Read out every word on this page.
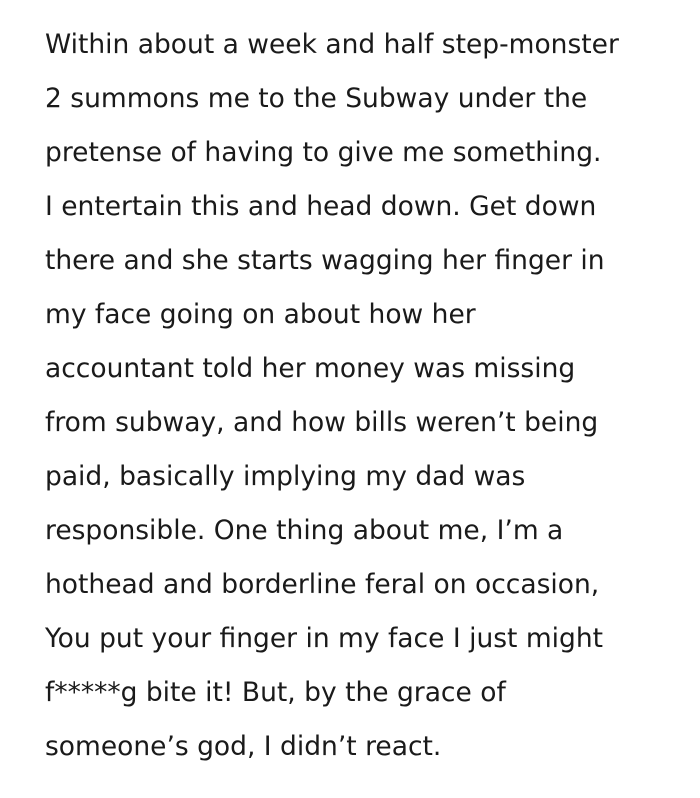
Within about a week and half step-monster
2 summons me to the Subway under the
pretense of having to give me something.
I entertain this and head down. Get down
there and she starts wagging her finger in
my face going on about how her
accountant told her money was missing
from subway, and how bills weren’t being
paid, basically implying my dad was
responsible. One thing about me, I’m a
hothead and borderline feral on occasion,
You put your finger in my face I just might
f*****g bite it! But, by the grace of
someone’s god, I didn’t react.
